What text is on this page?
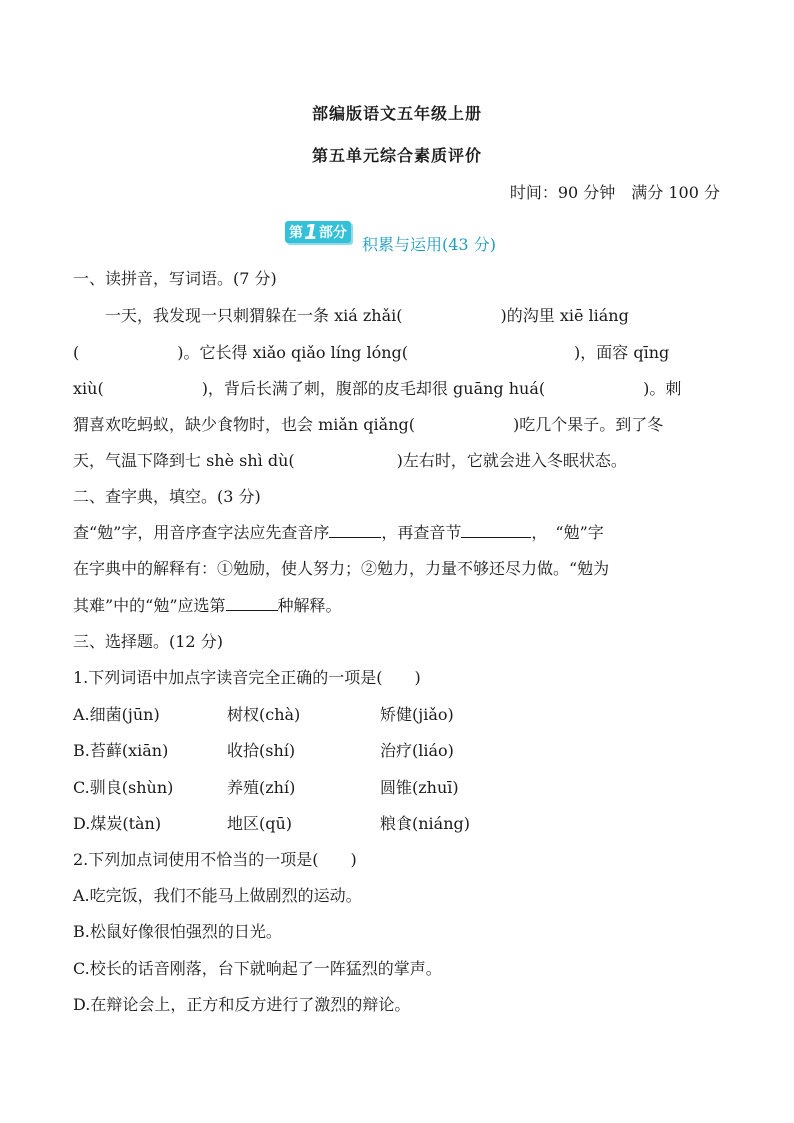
部编版语文五年级上册
第五单元综合素质评价
时间：90 分钟　满分 100 分
第 1 部分
积累与运用(43 分)
一、读拼音，写词语。(7 分)
　　一天，我发现一只刺猬躲在一条 xiá zhǎi(	)的沟里 xiē liáng
(	)。它长得 xiǎo qiǎo líng lóng(	)，面容 qīng
xiù(	)，背后长满了刺，腹部的皮毛却很 guāng huá(	)。刺
猬喜欢吃蚂蚁，缺少食物时，也会 miǎn qiǎng(	)吃几个果子。到了冬
天，气温下降到七 shè shì dù(	)左右时，它就会进入冬眠状态。
二、查字典，填空。(3 分)
查“勉”字，用音序查字法应先查音序	，再查音节	，　“勉”字
在字典中的解释有：①勉励，使人努力；②勉力，力量不够还尽力做。“勉为
其难”中的“勉”应选第	种解释。
三、选择题。(12 分)
1.下列词语中加点字读音完全正确的一项是(　　)
A.细菌(jūn)	树杈(chà)	矫健(jiǎo)
B.苔藓(xiān)	收拾(shí)	治疗(liáo)
C.驯良(shùn)	养殖(zhí)	圆锥(zhuī)
D.煤炭(tàn)	地区(qū)	粮食(niáng)
2.下列加点词使用不恰当的一项是(　　)
A.吃完饭，我们不能马上做剧烈的运动。
B.松鼠好像很怕强烈的日光。
C.校长的话音刚落，台下就响起了一阵猛烈的掌声。
D.在辩论会上，正方和反方进行了激烈的辩论。
